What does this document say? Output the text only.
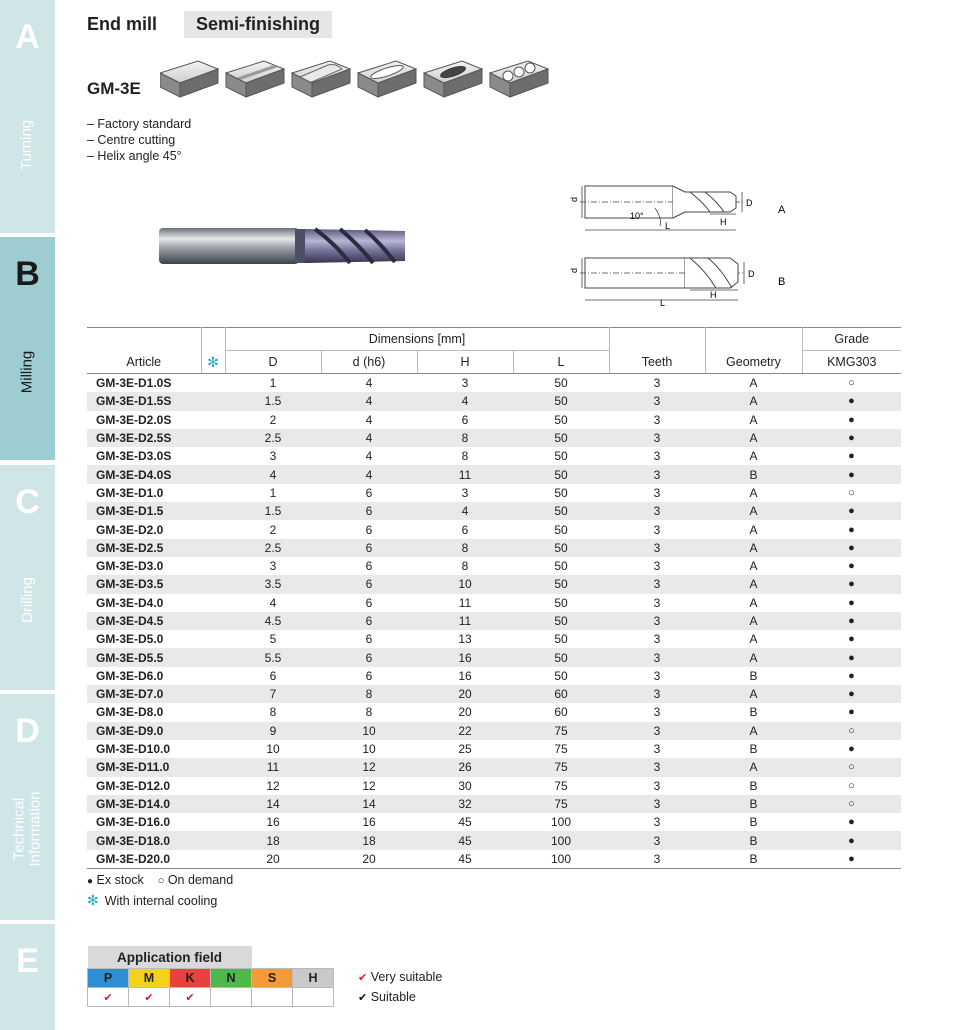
A
Turning
B
Milling
C
Drilling
D
Technical Information
E
End mill	Semi-finishing
GM-3E
– Factory standard
– Centre cutting
– Helix angle 45°
d	D
H
L
10°	A
d	D
H
L
B
Article	✻	Dimensions [mm]				Teeth	Geometry	Grade
		D	d (h6)	H	L			KMG303
GM-3E-D1.0S		1	4	3	50	3	A	○
GM-3E-D1.5S		1.5	4	4	50	3	A	●
GM-3E-D2.0S		2	4	6	50	3	A	●
GM-3E-D2.5S		2.5	4	8	50	3	A	●
GM-3E-D3.0S		3	4	8	50	3	A	●
GM-3E-D4.0S		4	4	11	50	3	B	●
GM-3E-D1.0		1	6	3	50	3	A	○
GM-3E-D1.5		1.5	6	4	50	3	A	●
GM-3E-D2.0		2	6	6	50	3	A	●
GM-3E-D2.5		2.5	6	8	50	3	A	●
GM-3E-D3.0		3	6	8	50	3	A	●
GM-3E-D3.5		3.5	6	10	50	3	A	●
GM-3E-D4.0		4	6	11	50	3	A	●
GM-3E-D4.5		4.5	6	11	50	3	A	●
GM-3E-D5.0		5	6	13	50	3	A	●
GM-3E-D5.5		5.5	6	16	50	3	A	●
GM-3E-D6.0		6	6	16	50	3	B	●
GM-3E-D7.0		7	8	20	60	3	A	●
GM-3E-D8.0		8	8	20	60	3	B	●
GM-3E-D9.0		9	10	22	75	3	A	○
GM-3E-D10.0		10	10	25	75	3	B	●
GM-3E-D11.0		11	12	26	75	3	A	○
GM-3E-D12.0		12	12	30	75	3	B	○
GM-3E-D14.0		14	14	32	75	3	B	○
GM-3E-D16.0		16	16	45	100	3	B	●
GM-3E-D18.0		18	18	45	100	3	B	●
GM-3E-D20.0		20	20	45	100	3	B	●
● Ex stock ○ On demand
✻ With internal cooling
Application field					
P	M	K	N	S	H
✔	✔	✔			
✔ Very suitable
✔ Suitable
